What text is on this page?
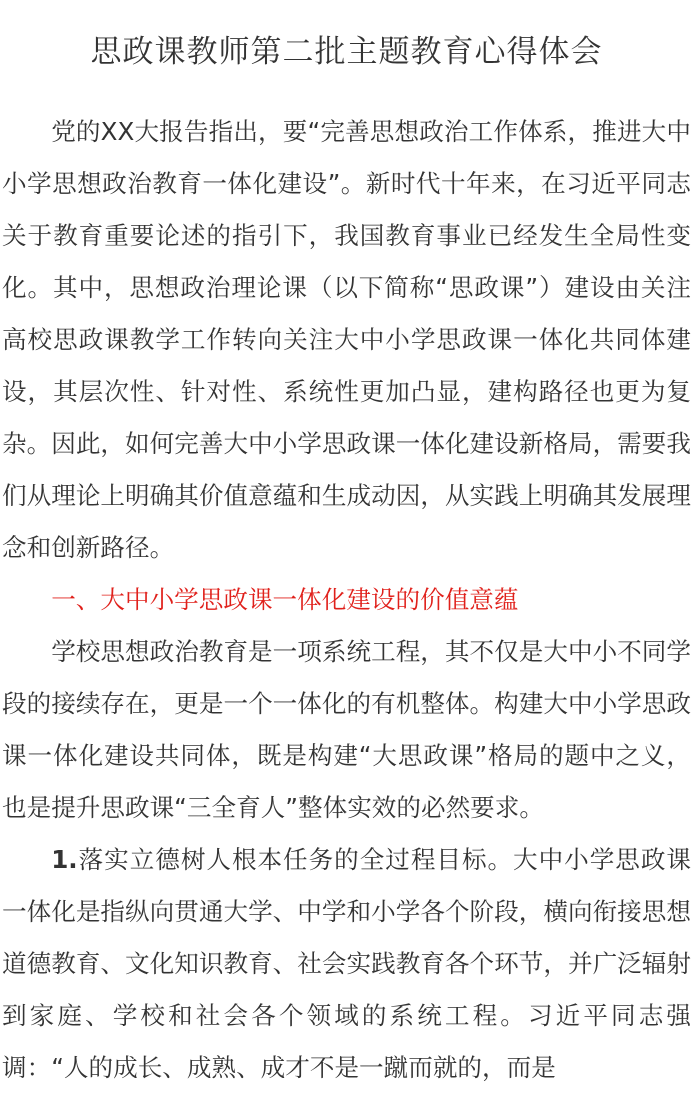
思政课教师第二批主题教育心得体会

党的XX大报告指出，要“完善思想政治工作体系，推进大中小学思想政治教育一体化建设”。新时代十年来，在习近平同志关于教育重要论述的指引下，我国教育事业已经发生全局性变化。其中，思想政治理论课（以下简称“思政课”）建设由关注高校思政课教学工作转向关注大中小学思政课一体化共同体建设，其层次性、针对性、系统性更加凸显，建构路径也更为复杂。因此，如何完善大中小学思政课一体化建设新格局，需要我们从理论上明确其价值意蕴和生成动因，从实践上明确其发展理念和创新路径。

一、大中小学思政课一体化建设的价值意蕴

学校思想政治教育是一项系统工程，其不仅是大中小不同学段的接续存在，更是一个一体化的有机整体。构建大中小学思政课一体化建设共同体，既是构建“大思政课”格局的题中之义，也是提升思政课“三全育人”整体实效的必然要求。

1.落实立德树人根本任务的全过程目标。大中小学思政课一体化是指纵向贯通大学、中学和小学各个阶段，横向衔接思想道德教育、文化知识教育、社会实践教育各个环节，并广泛辐射到家庭、学校和社会各个领域的系统工程。习近平同志强调：“人的成长、成熟、成才不是一蹴而就的，而是
